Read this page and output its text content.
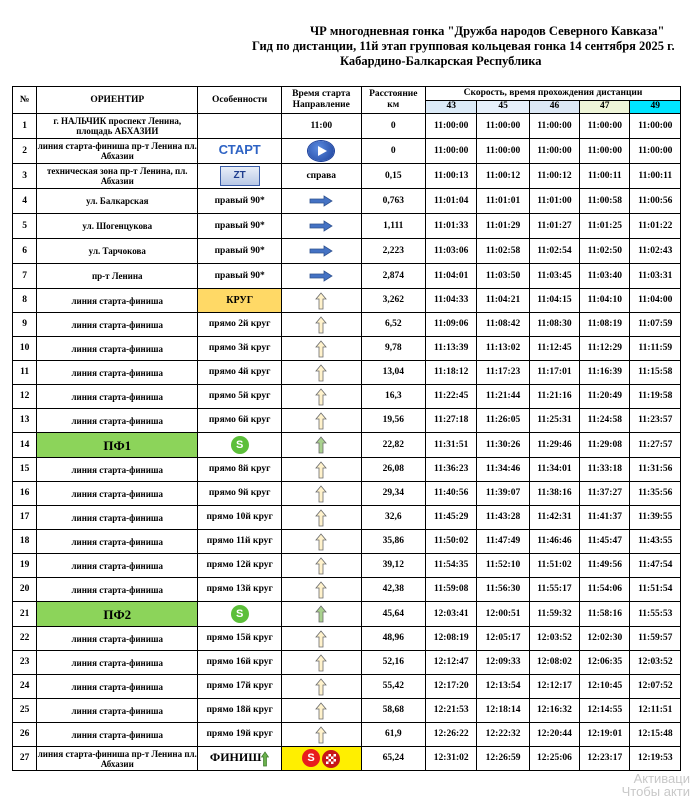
ЧР многодневная гонка "Дружба народов Северного Кавказа"
Гид по дистанции, 11й этап групповая кольцевая гонка 14 сентября 2025 г.
Кабардино-Балкарская Республика
№	ОРИЕНТИР	Особенности	Время старта
Направление	Расстояние
км	Скорость, время прохождения дистанции				
					43	45	46	47	49
1	г. НАЛЬЧИК проспект Ленина, площадь АБХАЗИИ		11:00	0	11:00:00	11:00:00	11:00:00	11:00:00	11:00:00
2	линия старта-финиша пр-т Ленина пл. Абхазии	СТАРТ		0	11:00:00	11:00:00	11:00:00	11:00:00	11:00:00
3	техническая зона пр-т Ленина, пл. Абхазии	ZT	справа	0,15	11:00:13	11:00:12	11:00:12	11:00:11	11:00:11
4	ул. Балкарская	правый 90*		0,763	11:01:04	11:01:01	11:01:00	11:00:58	11:00:56
5	ул. Шогенцукова	правый 90*		1,111	11:01:33	11:01:29	11:01:27	11:01:25	11:01:22
6	ул. Тарчокова	правый 90*		2,223	11:03:06	11:02:58	11:02:54	11:02:50	11:02:43
7	пр-т Ленина	правый 90*		2,874	11:04:01	11:03:50	11:03:45	11:03:40	11:03:31
8	линия старта-финиша	КРУГ		3,262	11:04:33	11:04:21	11:04:15	11:04:10	11:04:00
9	линия старта-финиша	прямо 2й круг		6,52	11:09:06	11:08:42	11:08:30	11:08:19	11:07:59
10	линия старта-финиша	прямо 3й круг		9,78	11:13:39	11:13:02	11:12:45	11:12:29	11:11:59
11	линия старта-финиша	прямо 4й круг		13,04	11:18:12	11:17:23	11:17:01	11:16:39	11:15:58
12	линия старта-финиша	прямо 5й круг		16,3	11:22:45	11:21:44	11:21:16	11:20:49	11:19:58
13	линия старта-финиша	прямо 6й круг		19,56	11:27:18	11:26:05	11:25:31	11:24:58	11:23:57
14	ПФ1	S		22,82	11:31:51	11:30:26	11:29:46	11:29:08	11:27:57
15	линия старта-финиша	прямо 8й круг		26,08	11:36:23	11:34:46	11:34:01	11:33:18	11:31:56
16	линия старта-финиша	прямо 9й круг		29,34	11:40:56	11:39:07	11:38:16	11:37:27	11:35:56
17	линия старта-финиша	прямо 10й круг		32,6	11:45:29	11:43:28	11:42:31	11:41:37	11:39:55
18	линия старта-финиша	прямо 11й круг		35,86	11:50:02	11:47:49	11:46:46	11:45:47	11:43:55
19	линия старта-финиша	прямо 12й круг		39,12	11:54:35	11:52:10	11:51:02	11:49:56	11:47:54
20	линия старта-финиша	прямо 13й круг		42,38	11:59:08	11:56:30	11:55:17	11:54:06	11:51:54
21	ПФ2	S		45,64	12:03:41	12:00:51	11:59:32	11:58:16	11:55:53
22	линия старта-финиша	прямо 15й круг		48,96	12:08:19	12:05:17	12:03:52	12:02:30	11:59:57
23	линия старта-финиша	прямо 16й круг		52,16	12:12:47	12:09:33	12:08:02	12:06:35	12:03:52
24	линия старта-финиша	прямо 17й круг		55,42	12:17:20	12:13:54	12:12:17	12:10:45	12:07:52
25	линия старта-финиша	прямо 18й круг		58,68	12:21:53	12:18:14	12:16:32	12:14:55	12:11:51
26	линия старта-финиша	прямо 19й круг		61,9	12:26:22	12:22:32	12:20:44	12:19:01	12:15:48
27	линия старта-финиша пр-т Ленина пл. Абхазии	ФИНИШ	S	65,24	12:31:02	12:26:59	12:25:06	12:23:17	12:19:53
Активаци
Чтобы акти
